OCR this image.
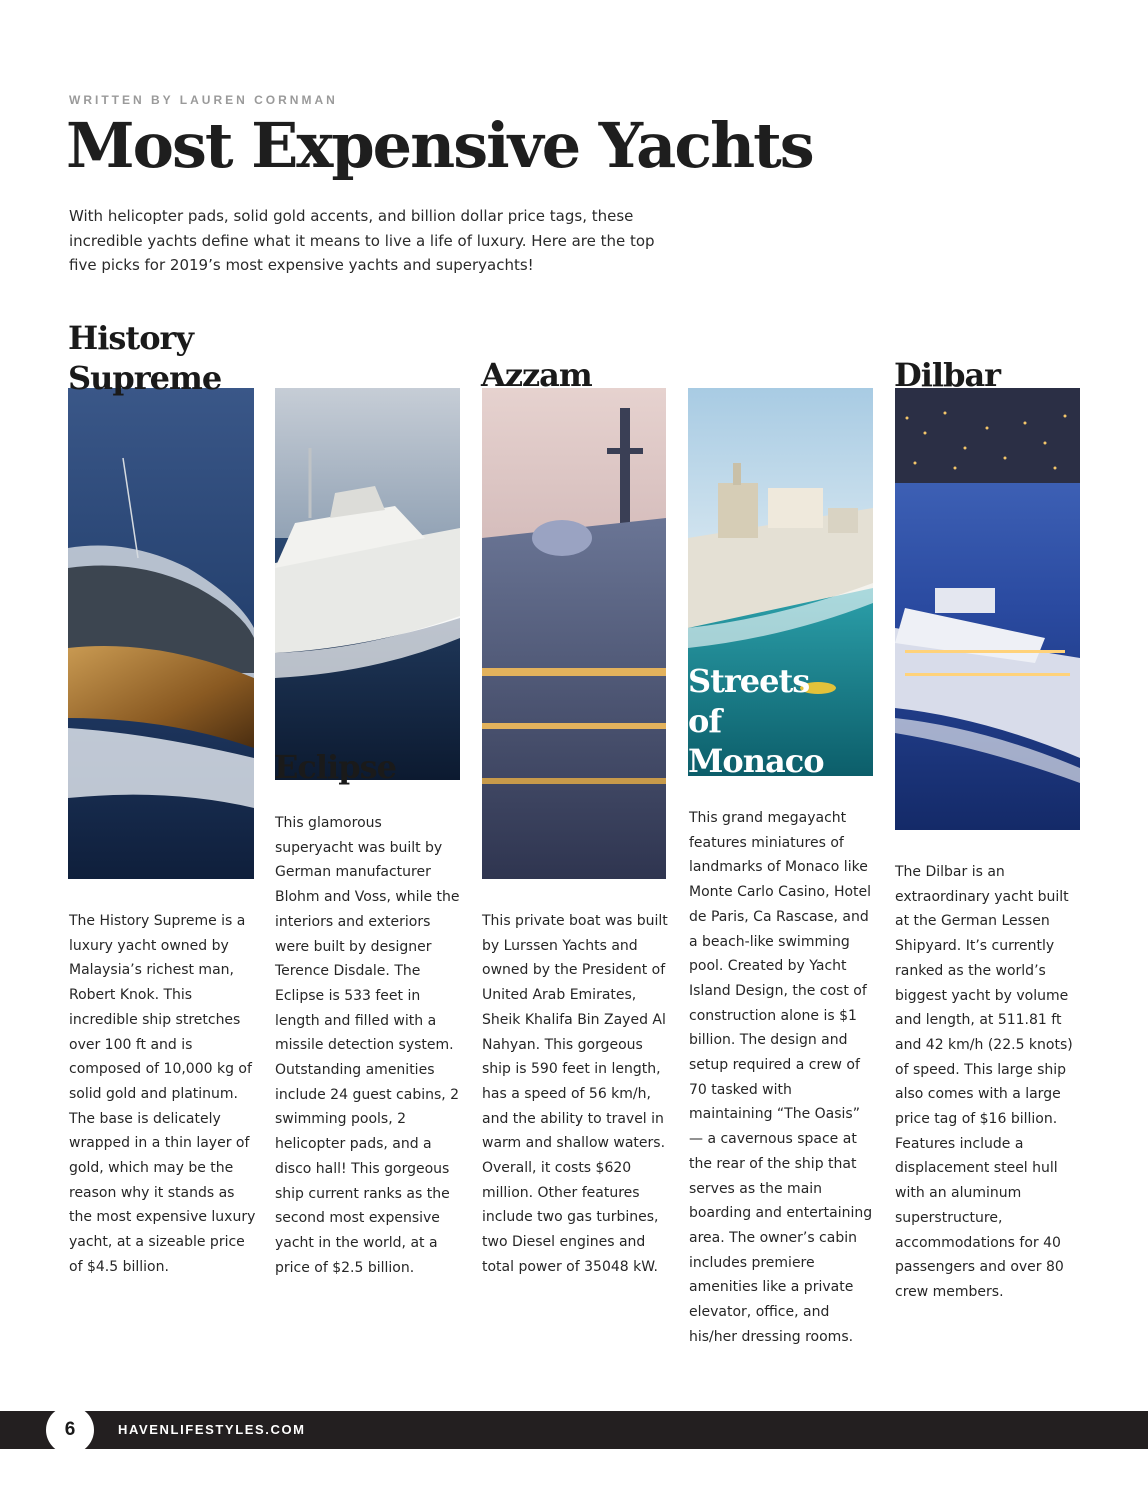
WRITTEN BY LAUREN CORNMAN
Most Expensive Yachts
With helicopter pads, solid gold accents, and billion dollar price tags, these incredible yachts define what it means to live a life of luxury. Here are the top five picks for 2019’s most expensive yachts and superyachts!
History Supreme
The History Supreme is a luxury yacht owned by Malaysia’s richest man, Robert Knok. This incredible ship stretches over 100 ft and is composed of 10,000 kg of solid gold and platinum. The base is delicately wrapped in a thin layer of gold, which may be the reason why it stands as the most expensive luxury yacht, at a sizeable price of $4.5 billion.
Eclipse
This glamorous superyacht was built by German manufacturer Blohm and Voss, while the interiors and exteriors were built by designer Terence Disdale. The Eclipse is 533 feet in length and filled with a missile detection system. Outstanding amenities include 24 guest cabins, 2 swimming pools, 2 helicopter pads, and a disco hall! This gorgeous ship current ranks as the second most expensive yacht in the world, at a price of $2.5 billion.
Azzam
This private boat was built by Lurssen Yachts and owned by the President of United Arab Emirates, Sheik Khalifa Bin Zayed Al Nahyan. This gorgeous ship is 590 feet in length, has a speed of 56 km/h, and the ability to travel in warm and shallow waters. Overall, it costs $620 million. Other features include two gas turbines, two Diesel engines and total power of 35048 kW.
Streets of Monaco
This grand megayacht features miniatures of landmarks of Monaco like Monte Carlo Casino, Hotel de Paris, Ca Rascase, and a beach-like swimming pool. Created by Yacht Island Design, the cost of construction alone is $1 billion. The design and setup required a crew of 70 tasked with maintaining “The Oasis” — a cavernous space at the rear of the ship that serves as the main boarding and entertaining area. The owner’s cabin includes premiere amenities like a private elevator, office, and his/her dressing rooms.
Dilbar
The Dilbar is an extraordinary yacht built at the German Lessen Shipyard. It’s currently ranked as the world’s biggest yacht by volume and length, at 511.81 ft and 42 km/h (22.5 knots) of speed. This large ship also comes with a large price tag of $16 billion. Features include a displacement steel hull with an aluminum superstructure, accommodations for 40 passengers and over 80 crew members.
6	HAVENLIFESTYLES.COM
